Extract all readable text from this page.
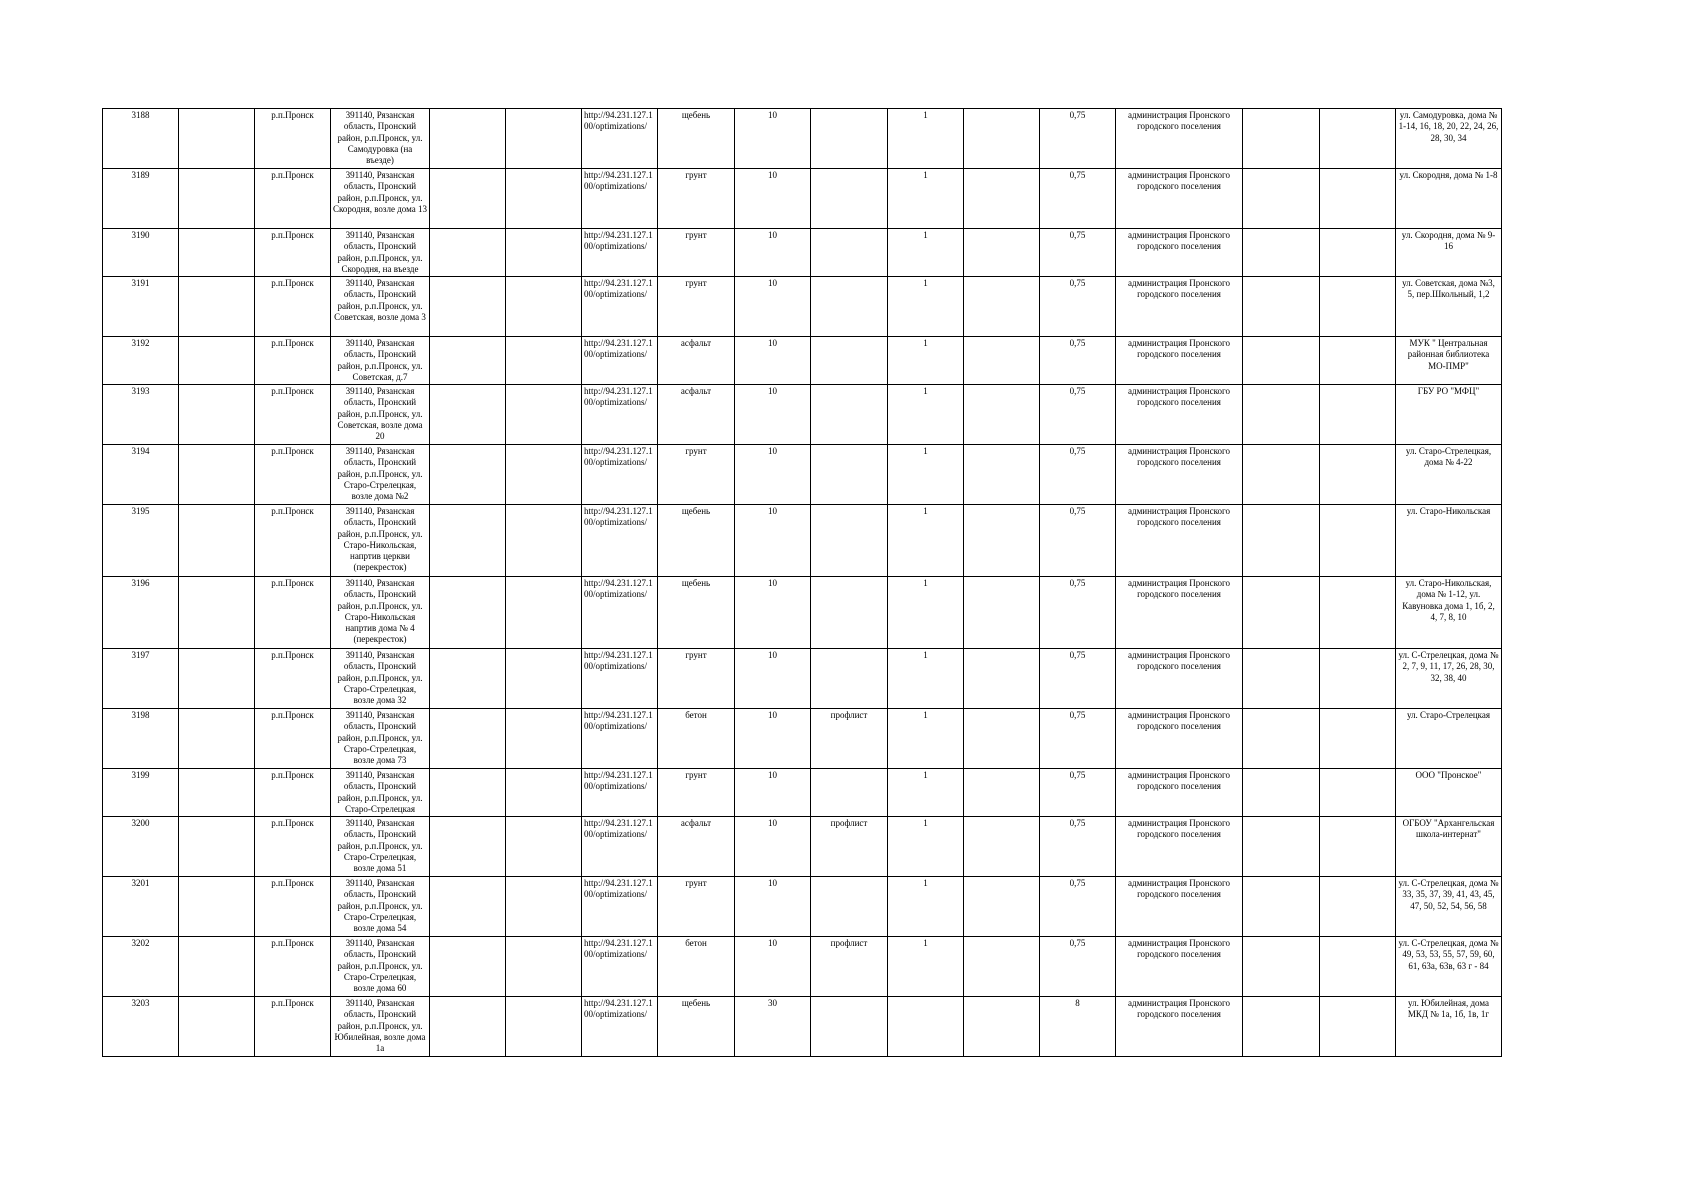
3188		р.п.Пронск	391140, Рязанская область, Пронский район, р.п.Пронск, ул. Самодуровка (на въезде)			http://94.231.127.100/optimizations/	щебень	10		1		0,75	администрация Пронского городского поселения			ул. Самодуровка, дома № 1-14, 16, 18, 20, 22, 24, 26, 28, 30, 34
3189		р.п.Пронск	391140, Рязанская область, Пронский район, р.п.Пронск, ул. Скородня, возле дома 13			http://94.231.127.100/optimizations/	грунт	10		1		0,75	администрация Пронского городского поселения			ул. Скородня, дома № 1-8
3190		р.п.Пронск	391140, Рязанская область, Пронский район, р.п.Пронск, ул. Скородня, на въезде			http://94.231.127.100/optimizations/	грунт	10		1		0,75	администрация Пронского городского поселения			ул. Скородня, дома № 9-16
3191		р.п.Пронск	391140, Рязанская область, Пронский район, р.п.Пронск, ул. Советская, возле дома 3			http://94.231.127.100/optimizations/	грунт	10		1		0,75	администрация Пронского городского поселения			ул. Советская, дома №3, 5, пер.Школьный, 1,2
3192		р.п.Пронск	391140, Рязанская область, Пронский район, р.п.Пронск, ул. Советская, д.7			http://94.231.127.100/optimizations/	асфальт	10		1		0,75	администрация Пронского городского поселения			МУК " Центральная районная библиотека МО-ПМР"
3193		р.п.Пронск	391140, Рязанская область, Пронский район, р.п.Пронск, ул. Советская, возле дома 20			http://94.231.127.100/optimizations/	асфальт	10		1		0,75	администрация Пронского городского поселения			ГБУ РО "МФЦ"
3194		р.п.Пронск	391140, Рязанская область, Пронский район, р.п.Пронск, ул. Старо-Стрелецкая, возле дома №2			http://94.231.127.100/optimizations/	грунт	10		1		0,75	администрация Пронского городского поселения			ул. Старо-Стрелецкая, дома № 4-22
3195		р.п.Пронск	391140, Рязанская область, Пронский район, р.п.Пронск, ул. Старо-Никольская, напртив церкви (перекресток)			http://94.231.127.100/optimizations/	щебень	10		1		0,75	администрация Пронского городского поселения			ул. Старо-Никольская
3196		р.п.Пронск	391140, Рязанская область, Пронский район, р.п.Пронск, ул. Старо-Никольская напртив дома № 4 (перекресток)			http://94.231.127.100/optimizations/	щебень	10		1		0,75	администрация Пронского городского поселения			ул. Старо-Никольская, дома № 1-12, ул. Кавуновка дома 1, 1б, 2, 4, 7, 8, 10
3197		р.п.Пронск	391140, Рязанская область, Пронский район, р.п.Пронск, ул. Старо-Стрелецкая, возле дома 32			http://94.231.127.100/optimizations/	грунт	10		1		0,75	администрация Пронского городского поселения			ул. С-Стрелецкая, дома № 2, 7, 9, 11, 17, 26, 28, 30, 32, 38, 40
3198		р.п.Пронск	391140, Рязанская область, Пронский район, р.п.Пронск, ул. Старо-Стрелецкая, возле дома 73			http://94.231.127.100/optimizations/	бетон	10	профлист	1		0,75	администрация Пронского городского поселения			ул. Старо-Стрелецкая
3199		р.п.Пронск	391140, Рязанская область, Пронский район, р.п.Пронск, ул. Старо-Стрелецкая			http://94.231.127.100/optimizations/	грунт	10		1		0,75	администрация Пронского городского поселения			ООО "Пронское"
3200		р.п.Пронск	391140, Рязанская область, Пронский район, р.п.Пронск, ул. Старо-Стрелецкая, возле дома 51			http://94.231.127.100/optimizations/	асфальт	10	профлист	1		0,75	администрация Пронского городского поселения			ОГБОУ "Архангельская школа-интернат"
3201		р.п.Пронск	391140, Рязанская область, Пронский район, р.п.Пронск, ул. Старо-Стрелецкая, возле дома 54			http://94.231.127.100/optimizations/	грунт	10		1		0,75	администрация Пронского городского поселения			ул. С-Стрелецкая, дома № 33, 35, 37, 39, 41, 43, 45, 47, 50, 52, 54, 56, 58
3202		р.п.Пронск	391140, Рязанская область, Пронский район, р.п.Пронск, ул. Старо-Стрелецкая, возле дома 60			http://94.231.127.100/optimizations/	бетон	10	профлист	1		0,75	администрация Пронского городского поселения			ул. С-Стрелецкая, дома № 49, 53, 53, 55, 57, 59, 60, 61, 63а, 63в, 63 г - 84
3203		р.п.Пронск	391140, Рязанская область, Пронский район, р.п.Пронск, ул. Юбилейная, возле дома 1а			http://94.231.127.100/optimizations/	щебень	30				8	администрация Пронского городского поселения			ул. Юбилейная, дома МКД № 1а, 1б, 1в, 1г
